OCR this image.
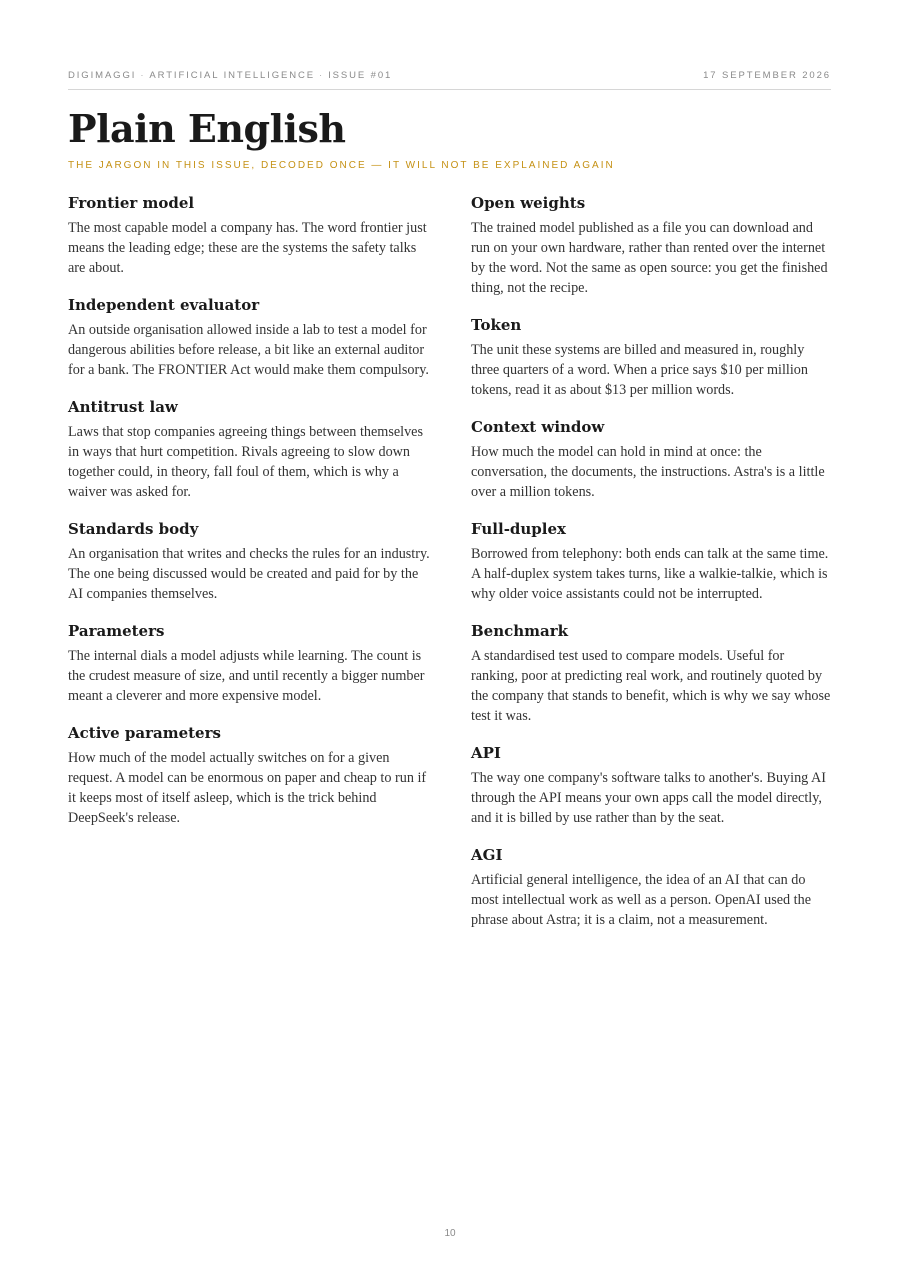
DIGIMAGGI · ARTIFICIAL INTELLIGENCE · ISSUE #01	17 SEPTEMBER 2026
Plain English
THE JARGON IN THIS ISSUE, DECODED ONCE — IT WILL NOT BE EXPLAINED AGAIN
Frontier model

The most capable model a company has. The word frontier just means the leading edge; these are the systems the safety talks are about.

Independent evaluator

An outside organisation allowed inside a lab to test a model for dangerous abilities before release, a bit like an external auditor for a bank. The FRONTIER Act would make them compulsory.

Antitrust law

Laws that stop companies agreeing things between themselves in ways that hurt competition. Rivals agreeing to slow down together could, in theory, fall foul of them, which is why a waiver was asked for.

Standards body

An organisation that writes and checks the rules for an industry. The one being discussed would be created and paid for by the AI companies themselves.

Parameters

The internal dials a model adjusts while learning. The count is the crudest measure of size, and until recently a bigger number meant a cleverer and more expensive model.

Active parameters

How much of the model actually switches on for a given request. A model can be enormous on paper and cheap to run if it keeps most of itself asleep, which is the trick behind DeepSeek's release.

Open weights

The trained model published as a file you can download and run on your own hardware, rather than rented over the internet by the word. Not the same as open source: you get the finished thing, not the recipe.

Token

The unit these systems are billed and measured in, roughly three quarters of a word. When a price says $10 per million tokens, read it as about $13 per million words.

Context window

How much the model can hold in mind at once: the conversation, the documents, the instructions. Astra's is a little over a million tokens.

Full-duplex

Borrowed from telephony: both ends can talk at the same time. A half-duplex system takes turns, like a walkie-talkie, which is why older voice assistants could not be interrupted.

Benchmark

A standardised test used to compare models. Useful for ranking, poor at predicting real work, and routinely quoted by the company that stands to benefit, which is why we say whose test it was.

API

The way one company's software talks to another's. Buying AI through the API means your own apps call the model directly, and it is billed by use rather than by the seat.

AGI

Artificial general intelligence, the idea of an AI that can do most intellectual work as well as a person. OpenAI used the phrase about Astra; it is a claim, not a measurement.

10
